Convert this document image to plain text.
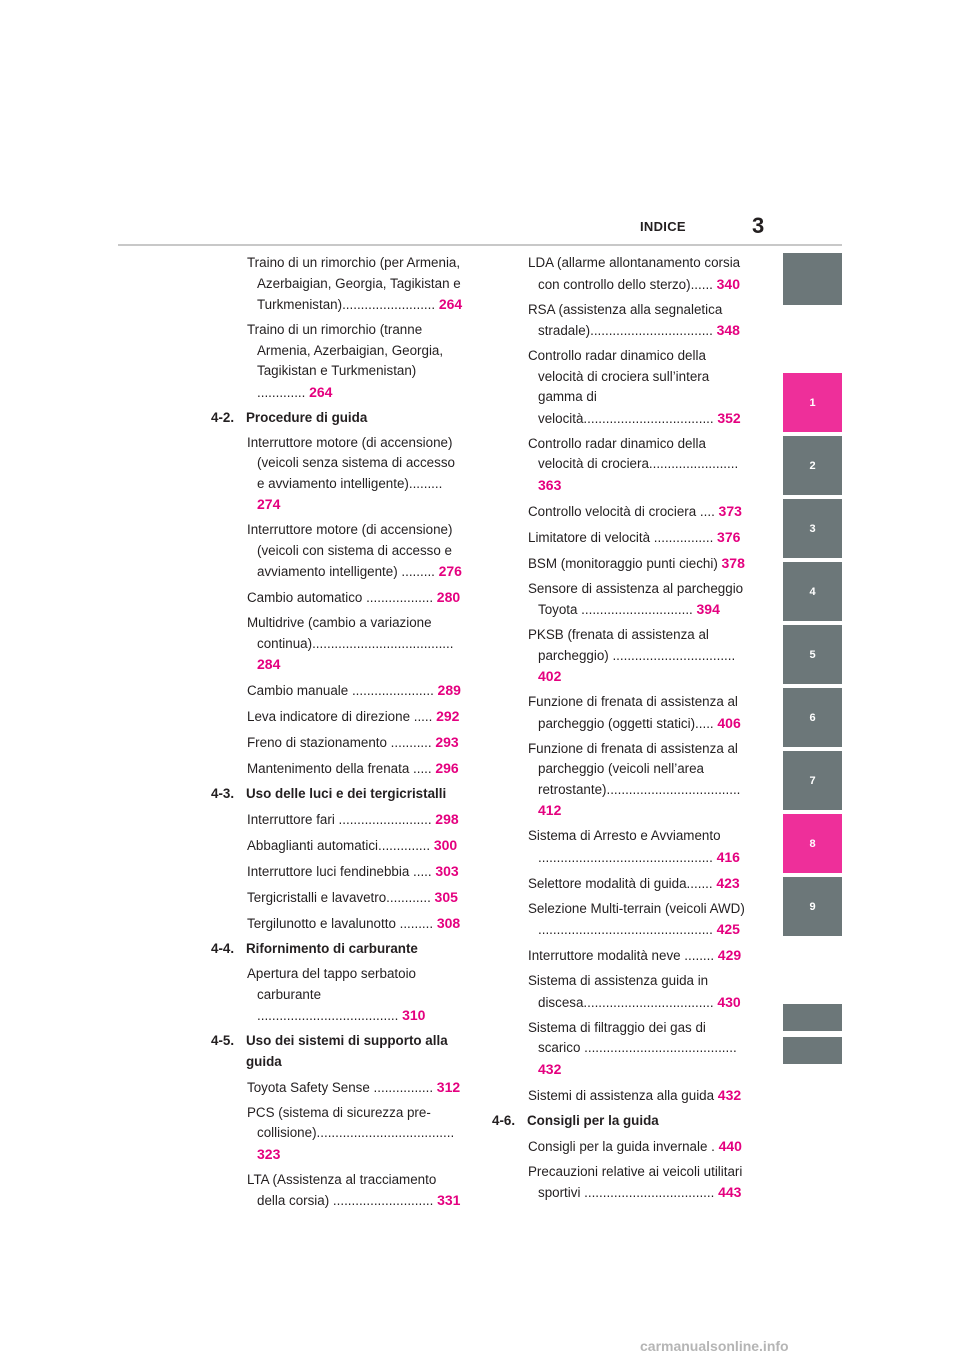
INDICE	3
Traino di un rimorchio (per Armenia, Azerbaigian, Georgia, Tagikistan e Turkmenistan)......................... 264
Traino di un rimorchio (tranne Armenia, Azerbaigian, Georgia, Tagikistan e Turkmenistan) ............. 264
4-2. Procedure di guida
Interruttore motore (di accensione) (veicoli senza sistema di accesso e avviamento intelligente)......... 274
Interruttore motore (di accensione) (veicoli con sistema di accesso e avviamento intelligente) ......... 276
Cambio automatico .................. 280
Multidrive (cambio a variazione continua)...................................... 284
Cambio manuale ...................... 289
Leva indicatore di direzione ..... 292
Freno di stazionamento ........... 293
Mantenimento della frenata ..... 296
4-3. Uso delle luci e dei tergicristalli
Interruttore fari ......................... 298
Abbaglianti automatici.............. 300
Interruttore luci fendinebbia ..... 303
Tergicristalli e lavavetro............ 305
Tergilunotto e lavalunotto ......... 308
4-4. Rifornimento di carburante
Apertura del tappo serbatoio carburante ...................................... 310
4-5. Uso dei sistemi di supporto alla guida
Toyota Safety Sense ................ 312
PCS (sistema di sicurezza pre-collisione)..................................... 323
LTA (Assistenza al tracciamento della corsia) ........................... 331
LDA (allarme allontanamento corsia con controllo dello sterzo)...... 340
RSA (assistenza alla segnaletica stradale)................................. 348
Controllo radar dinamico della velocità di crociera sull’intera gamma di velocità................................... 352
Controllo radar dinamico della velocità di crociera........................ 363
Controllo velocità di crociera .... 373
Limitatore di velocità ................ 376
BSM (monitoraggio punti ciechi) 378
Sensore di assistenza al parcheggio Toyota .............................. 394
PKSB (frenata di assistenza al parcheggio) ................................. 402
Funzione di frenata di assistenza al parcheggio (oggetti statici)..... 406
Funzione di frenata di assistenza al parcheggio (veicoli nell’area retrostante).................................... 412
Sistema di Arresto e Avviamento ............................................... 416
Selettore modalità di guida....... 423
Selezione Multi-terrain (veicoli AWD) ............................................... 425
Interruttore modalità neve ........ 429
Sistema di assistenza guida in discesa................................... 430
Sistema di filtraggio dei gas di scarico ......................................... 432
Sistemi di assistenza alla guida 432
4-6. Consigli per la guida
Consigli per la guida invernale . 440
Precauzioni relative ai veicoli utilitari sportivi ................................... 443
1
2
3
4
5
6
7
8
9
carmanualsonline.info
